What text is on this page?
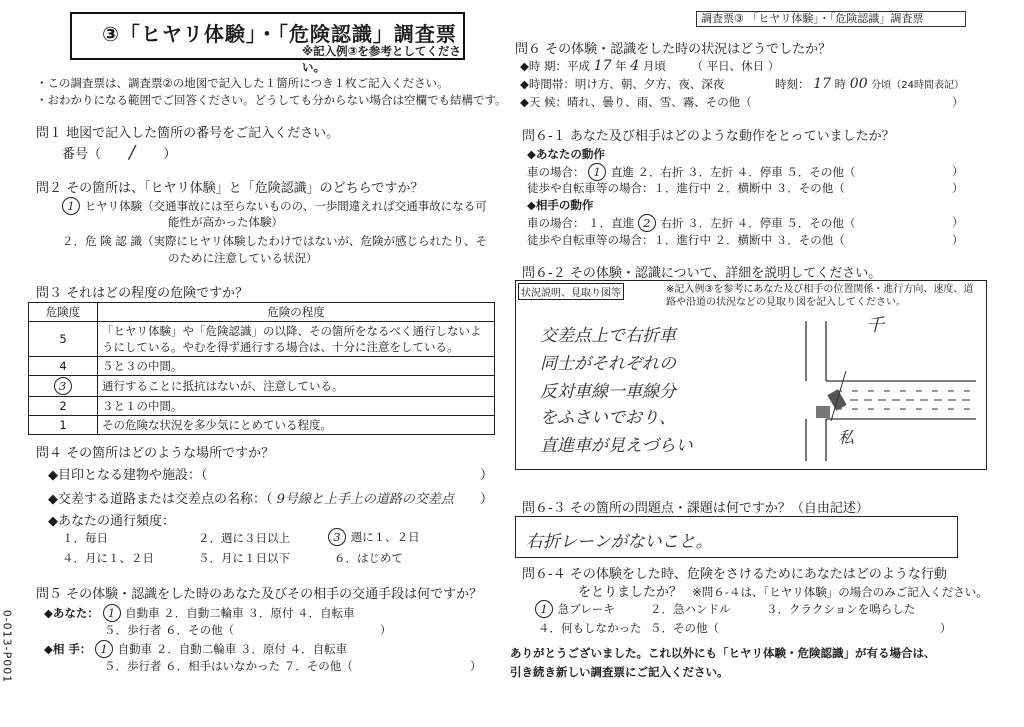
③「ヒヤリ体験」・「危険認識」調査票
※記入例③を参考としてください。
調査票③ 「ヒヤリ体験」・「危険認識」調査票
・この調査票は、調査票②の地図で記入した１箇所につき１枚ご記入ください。
・おわかりになる範囲でご回答ください。どうしても分からない場合は空欄でも結構です。
問１ 地図で記入した箇所の番号をご記入ください。
番号（ / ）
問２ その箇所は、「ヒヤリ体験」と「危険認識」のどちらですか？
1 ヒヤリ体験（交通事故には至らないものの、一歩間違えれば交通事故になる可
能性が高かった体験）
２．危 険 認 識（実際にヒヤリ体験したわけではないが、危険が感じられたり、そ
のために注意している状況）
問３ それはどの程度の危険ですか？
危険度	危険の程度
5	「ヒヤリ体験」や「危険認識」の以降、その箇所をなるべく通行しないようにしている。やむを得ず通行する場合は、十分に注意をしている。
4	５と３の中間。
3	通行することに抵抗はないが、注意している。
2	３と１の中間。
1	その危険な状況を多少気にとめている程度。
問４ その箇所はどのような場所ですか？
◆目印となる建物や施設：（	）
◆交差する道路または交差点の名称：（ 9号線と上手上の道路の交差点 ）
◆あなたの通行頻度：
１．毎日	２．週に３日以上	3 週に１、２日
４．月に１、２日	５．月に１日以下	６．はじめて
問５ その体験・認識をした時のあなた及びその相手の交通手段は何ですか？
◆あなた： 1 自動車 ２．自動二輪車 ３．原付 ４．自転車
５．歩行者 ６．その他（	）
◆相 手： 1 自動車 ２．自動二輪車 ３．原付 ４．自転車
５．歩行者 ６．相手はいなかった ７．その他（	）
0-013-P001
問６ その体験・認識をした時の状況はどうでしたか？
◆時 期：平成 17 年 4 月頃 （ 平日、休日 ）
◆時間帯：明け方、朝、夕方、夜、深夜	時刻： 17 時 00 分頃（24時間表記）
◆天 候：晴れ、曇り、雨、雪、霧、その他（	）
問６-１ あなた及び相手はどのような動作をとっていましたか？
◆あなたの動作
車の場合： 1 直進 ２．右折 ３．左折 ４．停車 ５．その他（	）
徒歩や自転車等の場合：１．進行中 ２．横断中 ３．その他（	）
◆相手の動作
車の場合： １．直進 2 右折 ３．左折 ４．停車 ５．その他（	）
徒歩や自転車等の場合：１．進行中 ２．横断中 ３．その他（	）
問６-２ その体験・認識について、詳細を説明してください。
状況説明、見取り図等	※記入例③を参考にあなた及び相手の位置関係・進行方向、速度、道路や沿道の状況などの見取り図を記入してください。
交差点上で右折車
同士がそれぞれの
反対車線一車線分
をふさいでおり、
直進車が見えづらい
千
私
問６-３ その箇所の問題点・課題は何ですか？（自由記述）
右折レーンがないこと。
問６-４ その体験をした時、危険をさけるためにあなたはどのような行動
をとりましたか？ ※問６-４は、「ヒヤリ体験」の場合のみご記入ください。
1 急ブレーキ	２．急ハンドル	３．クラクションを鳴らした
４．何もしなかった ５．その他（	）
ありがとうございました。これ以外にも「ヒヤリ体験・危険認識」が有る場合は、
引き続き新しい調査票にご記入ください。
